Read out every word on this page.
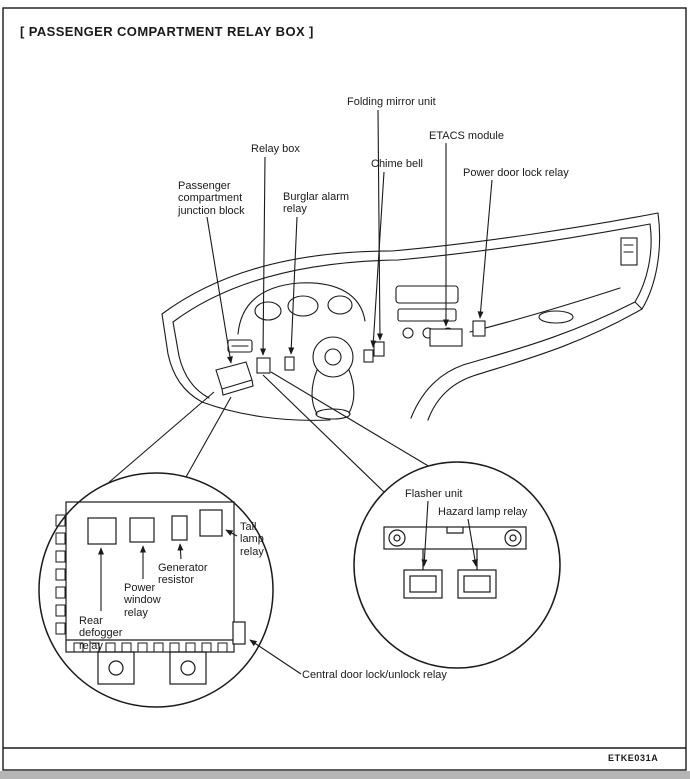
[ PASSENGER COMPARTMENT RELAY BOX ]
Folding mirror unit
ETACS module
Relay box
Chime bell
Power door lock relay
Passenger compartment junction block
Burglar alarm relay
Tail lamp relay
Generator resistor
Power window relay
Rear defogger relay
Central door lock/unlock relay
Flasher unit
Hazard lamp relay
ETKE031A
